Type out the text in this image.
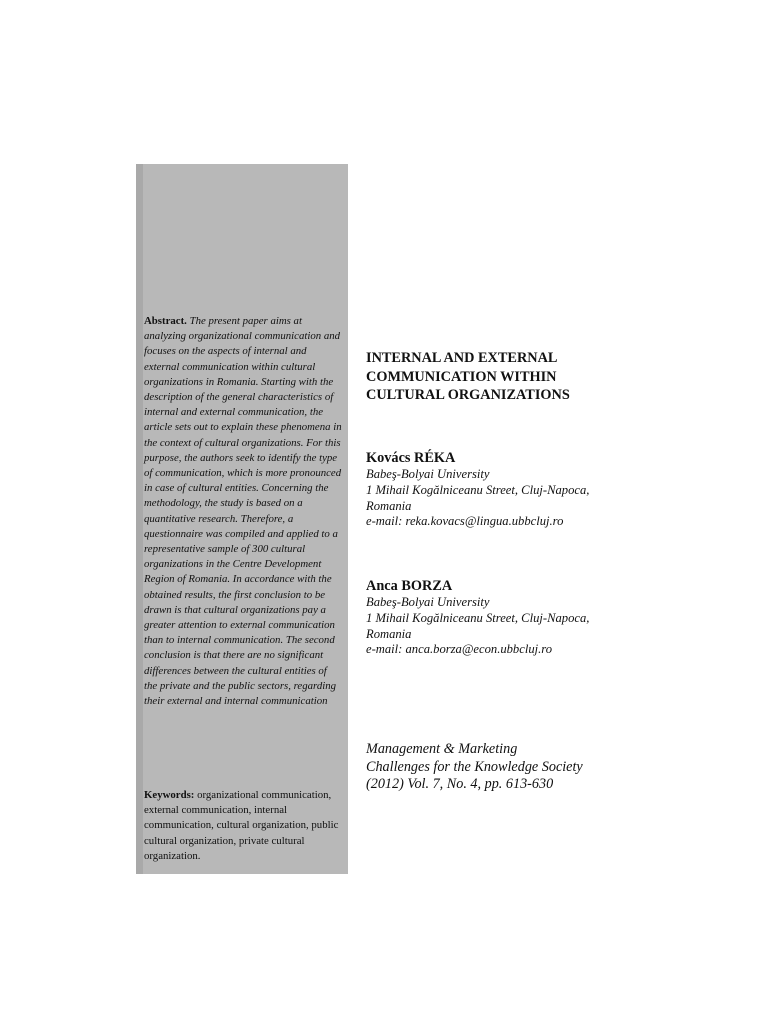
Abstract. The present paper aims at analyzing organizational communication and focuses on the aspects of internal and external communication within cultural organizations in Romania. Starting with the description of the general characteristics of internal and external communication, the article sets out to explain these phenomena in the context of cultural organizations. For this purpose, the authors seek to identify the type of communication, which is more pronounced in case of cultural entities. Concerning the methodology, the study is based on a quantitative research. Therefore, a questionnaire was compiled and applied to a representative sample of 300 cultural organizations in the Centre Development Region of Romania. In accordance with the obtained results, the first conclusion to be drawn is that cultural organizations pay a greater attention to external communication than to internal communication. The second conclusion is that there are no significant differences between the cultural entities of the private and the public sectors, regarding their external and internal communication
Keywords: organizational communication, external communication, internal communication, cultural organization, public cultural organization, private cultural organization.
INTERNAL AND EXTERNAL
COMMUNICATION WITHIN
CULTURAL ORGANIZATIONS
Kovács RÉKA
Babeş-Bolyai University
1 Mihail Kogălniceanu Street, Cluj-Napoca,
Romania
e-mail: reka.kovacs@lingua.ubbcluj.ro
Anca BORZA
Babeş-Bolyai University
1 Mihail Kogălniceanu Street, Cluj-Napoca,
Romania
e-mail: anca.borza@econ.ubbcluj.ro
Management & Marketing
Challenges for the Knowledge Society
(2012) Vol. 7, No. 4, pp. 613-630
